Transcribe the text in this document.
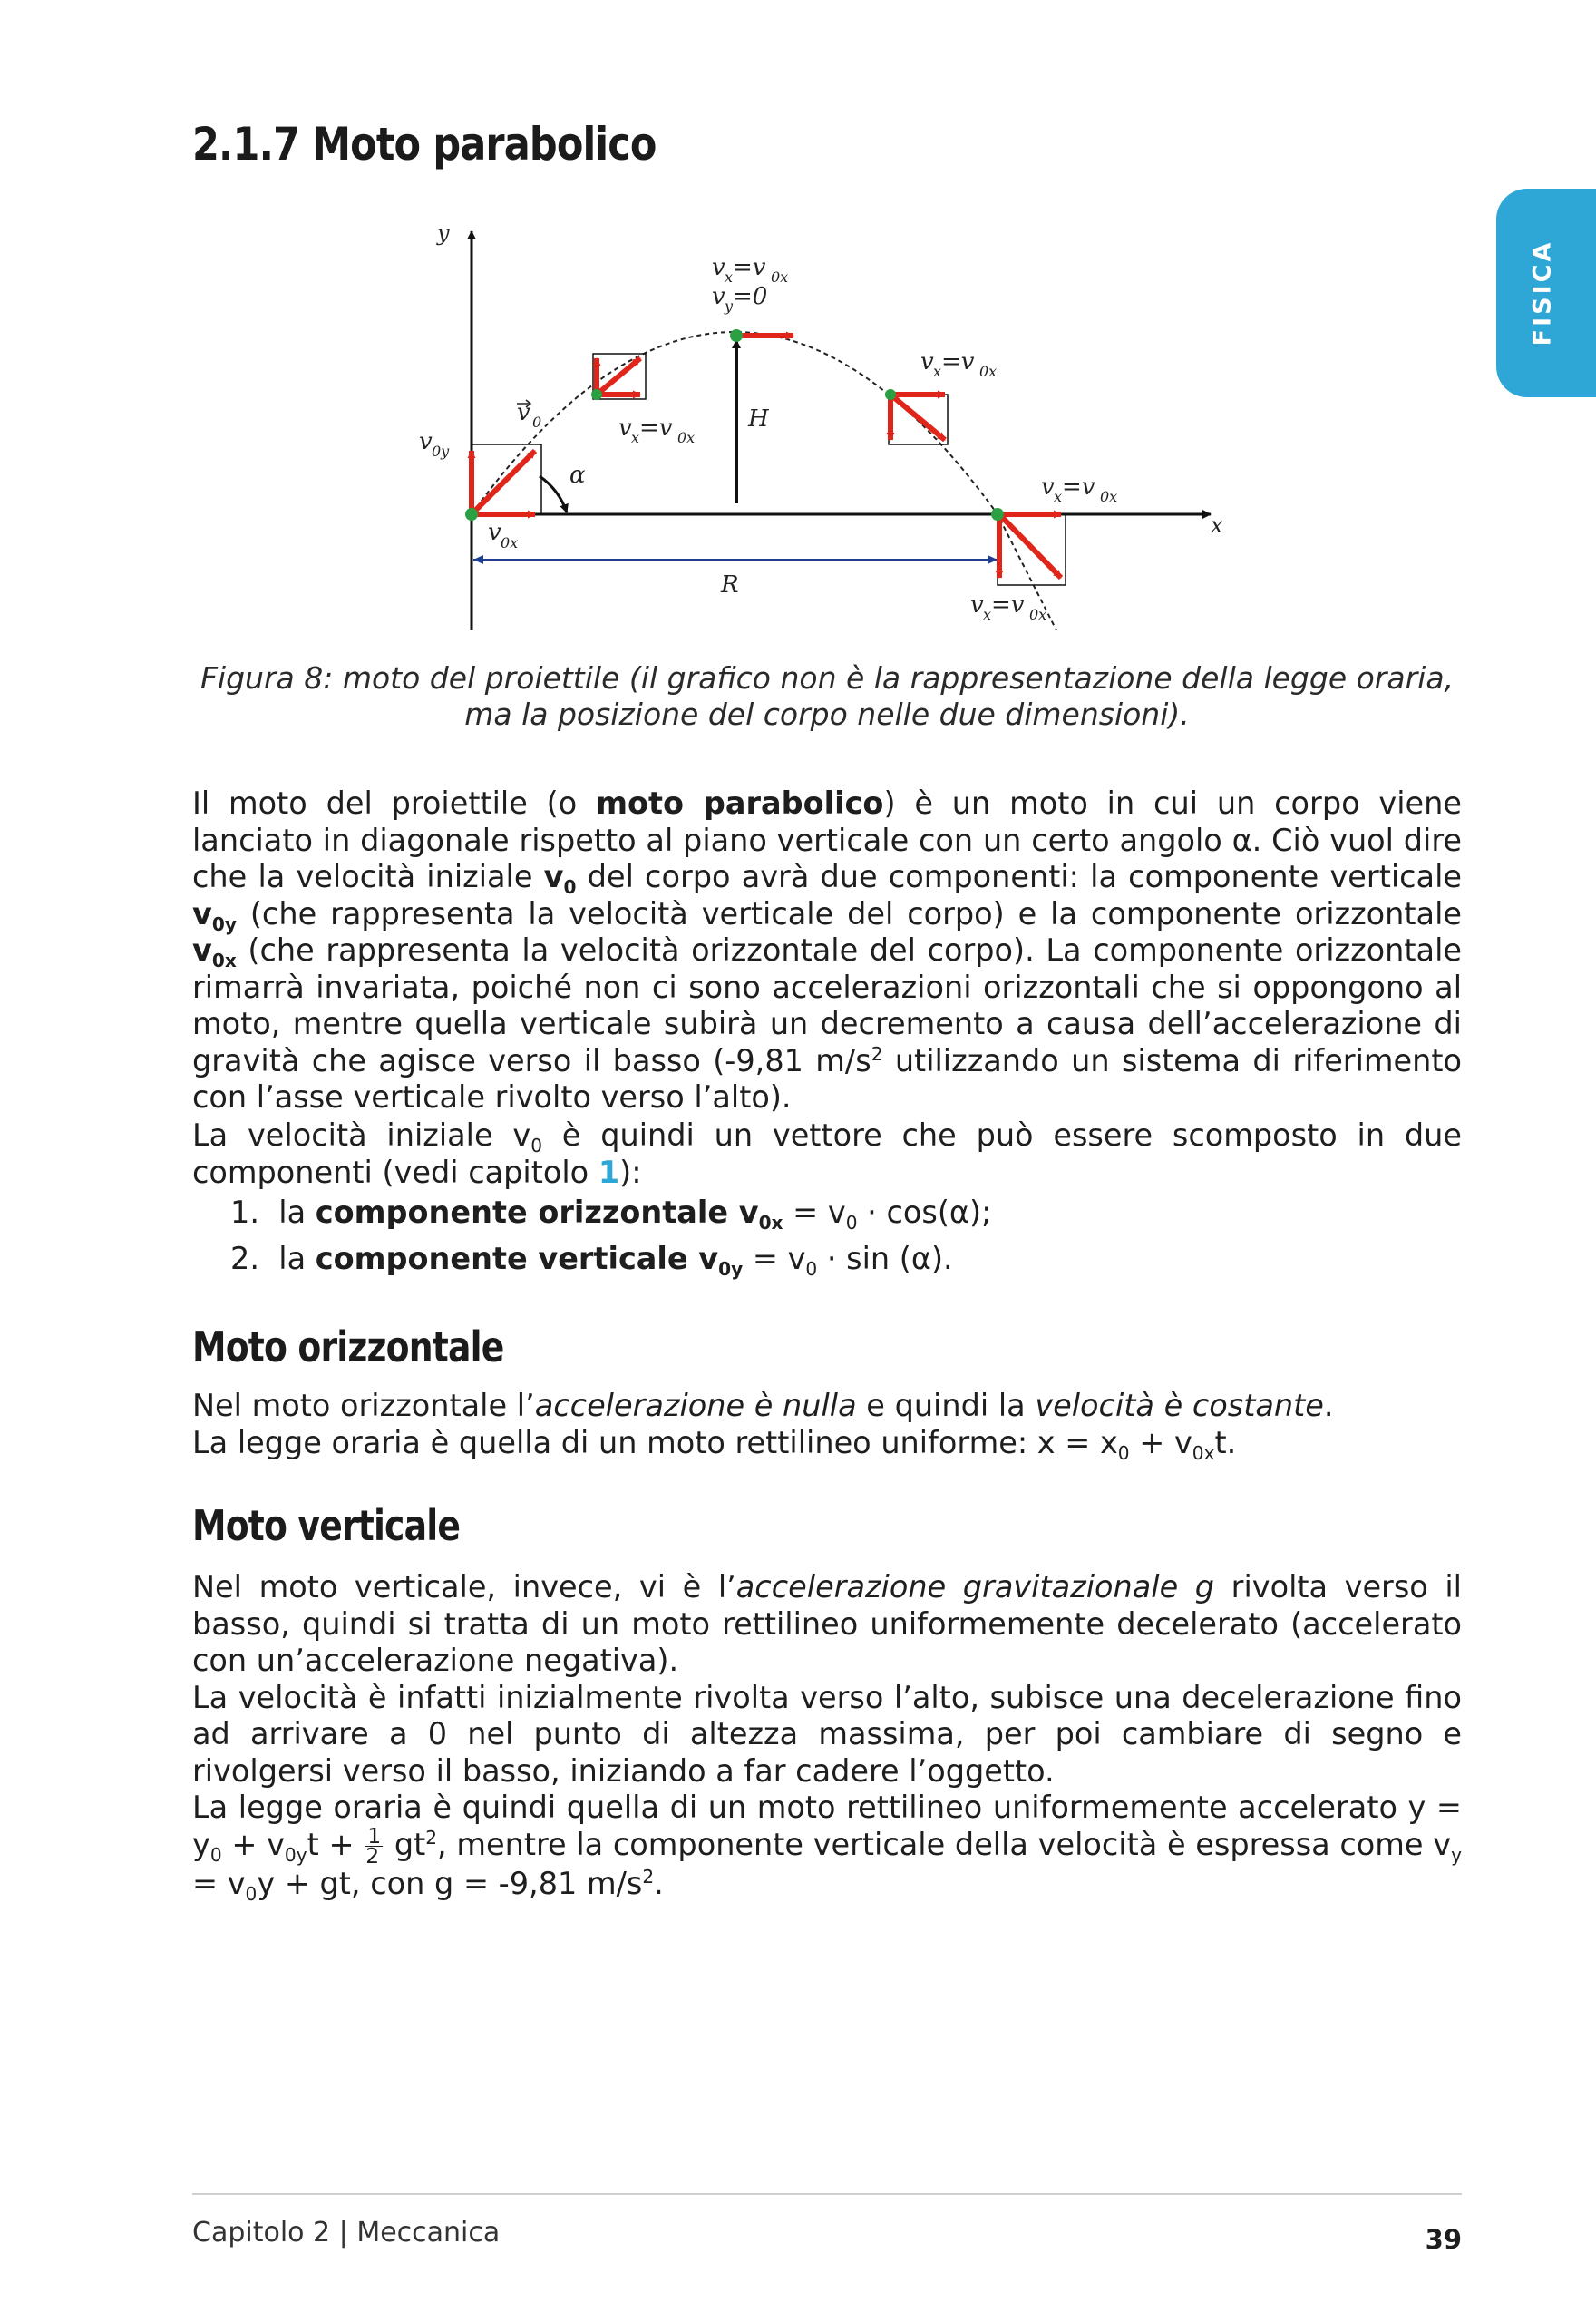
2.1.7 Moto parabolico
FISICA
y
x
R
H
v 0
α
v 0y
v 0x
v x =v 0x
v y =0
v x =v 0x
v x =v 0x
v x =v 0x
v x =v 0x
Figura 8: moto del proiettile (il grafico non è la rappresentazione della legge oraria,
ma la posizione del corpo nelle due dimensioni).

Il moto del proiettile (o moto parabolico) è un moto in cui un corpo viene lanciato in diagonale rispetto al piano verticale con un certo angolo α. Ciò vuol dire che la velocità iniziale $v_0$ del corpo avrà due componenti: la componente verticale $v_{0y}$ (che rappresenta la velocità verticale del corpo) e la componente orizzontale $v_{0x}$ (che rappresenta la velocità orizzontale del corpo). La componente orizzontale rimarrà invariata, poiché non ci sono accelerazioni orizzontali che si oppongono al moto, mentre quella verticale subirà un decremento a causa dell’accelerazione di gravità che agisce verso il basso (-9,81 $m/s^2$ utilizzando un sistema di riferimento con l’asse verticale rivolto verso l’alto).

La velocità iniziale $v_0$ è quindi un vettore che può essere scomposto in due componenti (vedi capitolo 1):

1. la componente orizzontale $v_{0x} = v_0 \cdot \cos(\alpha)$;
2. la componente verticale $v_{0y} = v_0 \cdot \sin (\alpha)$.
Moto orizzontale

Nel moto orizzontale l’accelerazione è nulla e quindi la velocità è costante.
La legge oraria è quella di un moto rettilineo uniforme: $x = x_0 + v_{0x}t$.

Moto verticale

Nel moto verticale, invece, vi è l’accelerazione gravitazionale g rivolta verso il basso, quindi si tratta di un moto rettilineo uniformemente decelerato (accelerato con un’accelerazione negativa).

La velocità è infatti inizialmente rivolta verso l’alto, subisce una decelerazione fino ad arrivare a 0 nel punto di altezza massima, per poi cambiare di segno e rivolgersi verso il basso, iniziando a far cadere l’oggetto.

La legge oraria è quindi quella di un moto rettilineo uniformemente accelerato $y = y_0 + v_{0y}t + \frac{1}{2} gt^2$, mentre la componente verticale della velocità è espressa come $v_y = v_0y$ + gt, con g = -9,81 $m/s^2$.

Capitolo 2 | Meccanica	39
